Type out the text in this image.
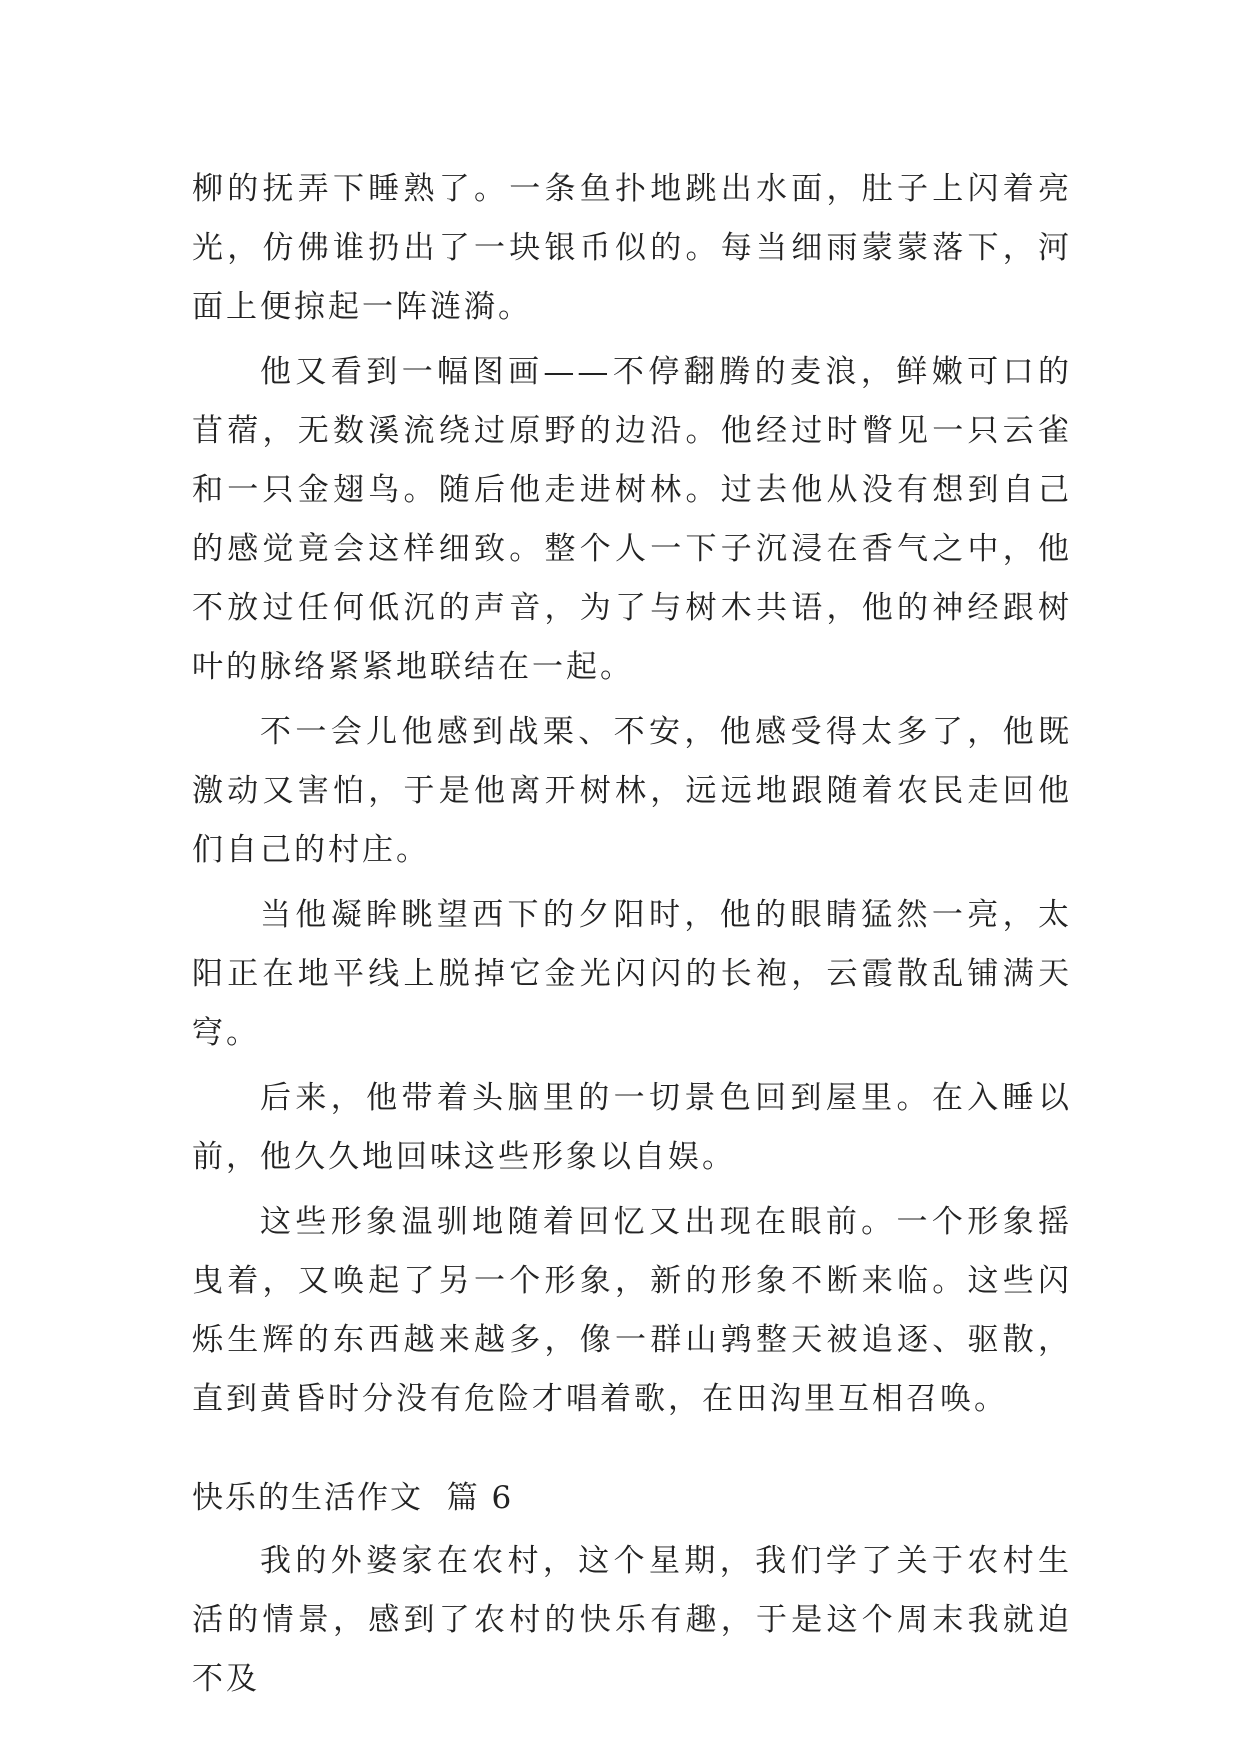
柳的抚弄下睡熟了。一条鱼扑地跳出水面，肚子上闪着亮光，仿佛谁扔出了一块银币似的。每当细雨蒙蒙落下，河面上便掠起一阵涟漪。

他又看到一幅图画——不停翻腾的麦浪，鲜嫩可口的苜蓿，无数溪流绕过原野的边沿。他经过时瞥见一只云雀和一只金翅鸟。随后他走进树林。过去他从没有想到自己的感觉竟会这样细致。整个人一下子沉浸在香气之中，他不放过任何低沉的声音，为了与树木共语，他的神经跟树叶的脉络紧紧地联结在一起。

不一会儿他感到战栗、不安，他感受得太多了，他既激动又害怕，于是他离开树林，远远地跟随着农民走回他们自己的村庄。

当他凝眸眺望西下的夕阳时，他的眼睛猛然一亮，太阳正在地平线上脱掉它金光闪闪的长袍，云霞散乱铺满天穹。

后来，他带着头脑里的一切景色回到屋里。在入睡以前，他久久地回味这些形象以自娱。

这些形象温驯地随着回忆又出现在眼前。一个形象摇曳着，又唤起了另一个形象，新的形象不断来临。这些闪烁生辉的东西越来越多，像一群山鹑整天被追逐、驱散，直到黄昏时分没有危险才唱着歌，在田沟里互相召唤。

快乐的生活作文  篇 6

我的外婆家在农村，这个星期，我们学了关于农村生活的情景，感到了农村的快乐有趣，于是这个周末我就迫不及
